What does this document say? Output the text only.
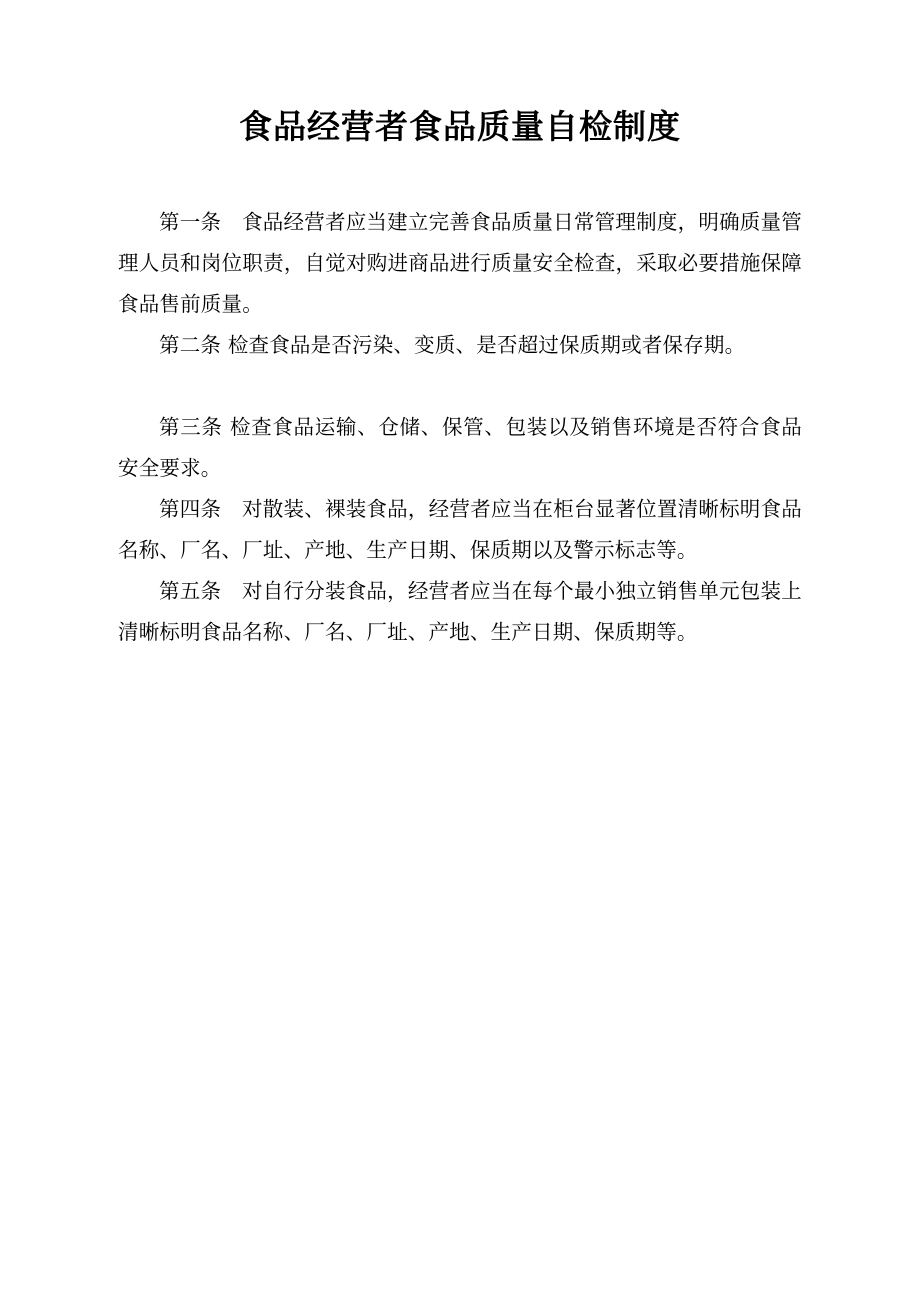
食品经营者食品质量自检制度

第一条　食品经营者应当建立完善食品质量日常管理制度，明确质量管理人员和岗位职责，自觉对购进商品进行质量安全检查，采取必要措施保障食品售前质量。

第二条 检查食品是否污染、变质、是否超过保质期或者保存期。

第三条 检查食品运输、仓储、保管、包装以及销售环境是否符合食品安全要求。

第四条　对散装、裸装食品，经营者应当在柜台显著位置清晰标明食品名称、厂名、厂址、产地、生产日期、保质期以及警示标志等。

第五条　对自行分装食品，经营者应当在每个最小独立销售单元包装上清晰标明食品名称、厂名、厂址、产地、生产日期、保质期等。
